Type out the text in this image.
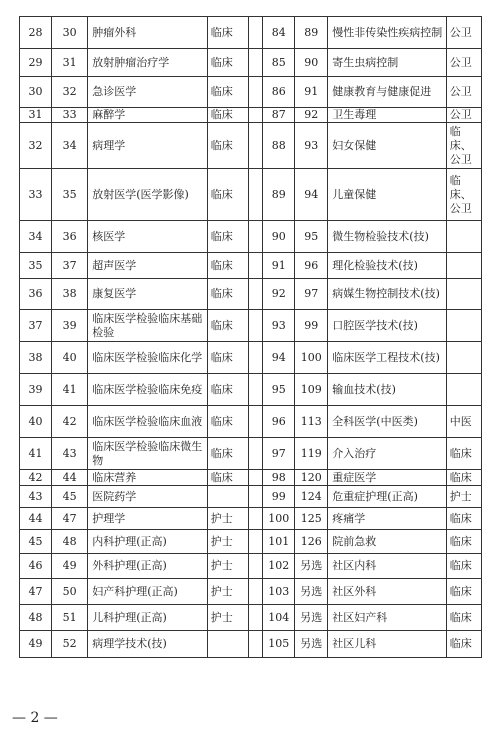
28	30	肿瘤外科	临床		84	89	慢性非传染性疾病控制	公卫
29	31	放射肿瘤治疗学	临床		85	90	寄生虫病控制	公卫
30	32	急诊医学	临床		86	91	健康教育与健康促进	公卫
31	33	麻醉学	临床		87	92	卫生毒理	公卫
32	34	病理学	临床		88	93	妇女保健	临床、公卫
33	35	放射医学(医学影像)	临床		89	94	儿童保健	临床、公卫
34	36	核医学	临床		90	95	微生物检验技术(技)	
35	37	超声医学	临床		91	96	理化检验技术(技)	
36	38	康复医学	临床		92	97	病媒生物控制技术(技)	
37	39	临床医学检验临床基础检验	临床		93	99	口腔医学技术(技)	
38	40	临床医学检验临床化学	临床		94	100	临床医学工程技术(技)	
39	41	临床医学检验临床免疫	临床		95	109	输血技术(技)	
40	42	临床医学检验临床血液	临床		96	113	全科医学(中医类)	中医
41	43	临床医学检验临床微生物	临床		97	119	介入治疗	临床
42	44	临床营养	临床		98	120	重症医学	临床
43	45	医院药学			99	124	危重症护理(正高)	护士
44	47	护理学	护士		100	125	疼痛学	临床
45	48	内科护理(正高)	护士		101	126	院前急救	临床
46	49	外科护理(正高)	护士		102	另选	社区内科	临床
47	50	妇产科护理(正高)	护士		103	另选	社区外科	临床
48	51	儿科护理(正高)	护士		104	另选	社区妇产科	临床
49	52	病理学技术(技)			105	另选	社区儿科	临床
— 2 —
